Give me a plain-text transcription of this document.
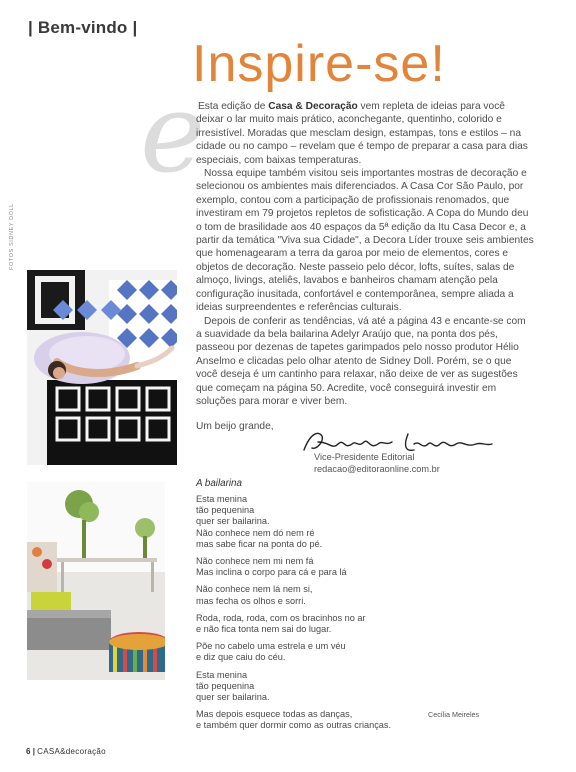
| Bem-vindo |
Inspire-se!
e

Esta edição de Casa & Decoração vem repleta de ideias para você deixar o lar muito mais prático, aconchegante, quentinho, colorido e irresistível. Moradas que mesclam design, estampas, tons e estilos – na cidade ou no campo – revelam que é tempo de preparar a casa para dias especiais, com baixas temperaturas.

Nossa equipe também visitou seis importantes mostras de decoração e selecionou os ambientes mais diferenciados. A Casa Cor São Paulo, por exemplo, contou com a participação de profissionais renomados, que investiram em 79 projetos repletos de sofisticação. A Copa do Mundo deu o tom de brasilidade aos 40 espaços da 5ª edição da Itu Casa Decor e, a partir da temática "Viva sua Cidade", a Decora Líder trouxe seis ambientes que homenagearam a terra da garoa por meio de elementos, cores e objetos de decoração. Neste passeio pelo décor, lofts, suítes, salas de almoço, livings, ateliês, lavabos e banheiros chamam atenção pela configuração inusitada, confortável e contemporânea, sempre aliada a ideias surpreendentes e referências culturais.

Depois de conferir as tendências, vá até a página 43 e encante-se com a suavidade da bela bailarina Adelyr Araújo que, na ponta dos pés, passeou por dezenas de tapetes garimpados pelo nosso produtor Hélio Anselmo e clicadas pelo olhar atento de Sidney Doll. Porém, se o que você deseja é um cantinho para relaxar, não deixe de ver as sugestões que começam na página 50. Acredite, você conseguirá investir em soluções para morar e viver bem.

Um beijo grande,
Vice-Presidente Editorial
redacao@editoraonline.com.br
FOTOS SIDNEY DOLL
A bailarina
Esta menina
tão pequenina
quer ser bailarina.
Não conhece nem dó nem ré
mas sabe ficar na ponta do pé.
Não conhece nem mi nem fá
Mas inclina o corpo para cá e para lá
Não conhece nem lá nem si,
mas fecha os olhos e sorri.
Roda, roda, roda, com os bracinhos no ar
e não fica tonta nem sai do lugar.
Põe no cabelo uma estrela e um véu
e diz que caiu do céu.
Esta menina
tão pequenina
quer ser bailarina.
Mas depois esquece todas as danças,
e também quer dormir como as outras crianças.
Cecília Meireles
6 | CASA&decoração
